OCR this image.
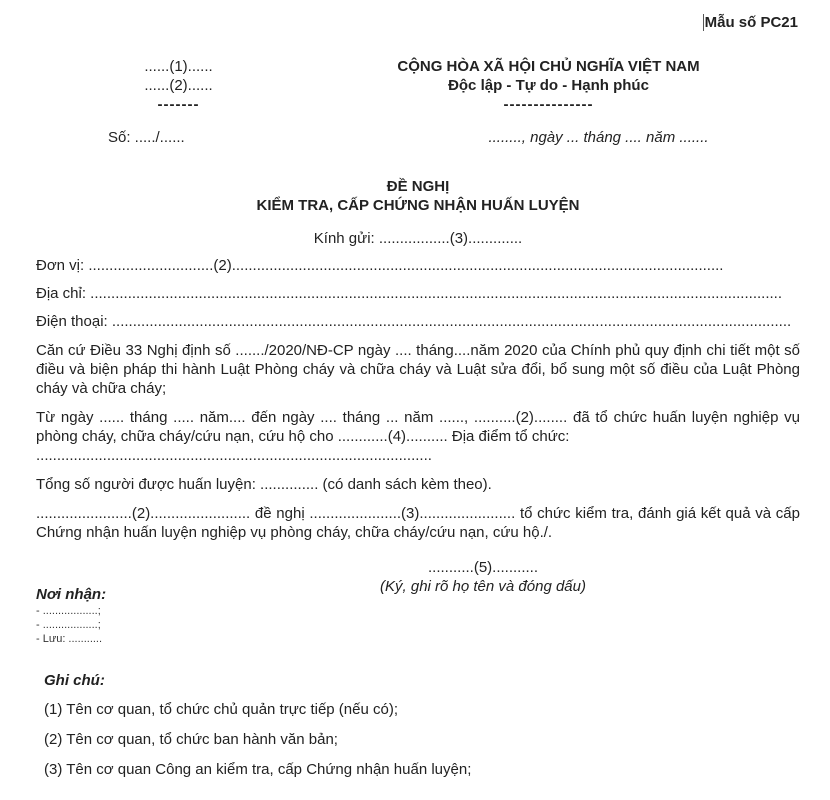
Mẫu số PC21
......(1)......
......(2)......
-------
Số: ...../......
CỘNG HÒA XÃ HỘI CHỦ NGHĨA VIỆT NAM
Độc lập - Tự do - Hạnh phúc
---------------
........, ngày ... tháng .... năm .......
ĐỀ NGHỊ
KIỂM TRA, CẤP CHỨNG NHẬN HUẤN LUYỆN
Kính gửi: .................(3).............
Đơn vị: ..............................(2)......................................................................................................................
Địa chỉ: ......................................................................................................................................................................
Điện thoại: ...................................................................................................................................................................
Căn cứ Điều 33 Nghị định số ......./2020/NĐ-CP ngày .... tháng....năm 2020 của Chính phủ quy định chi tiết một số điều và biện pháp thi hành Luật Phòng cháy và chữa cháy và Luật sửa đổi, bổ sung một số điều của Luật Phòng cháy và chữa cháy;
Từ ngày ...... tháng ..... năm.... đến ngày .... tháng ... năm ......, ..........(2)........ đã tổ chức huấn luyện nghiệp vụ phòng cháy, chữa cháy/cứu nạn, cứu hộ cho ............(4).......... Địa điểm tổ chức:
...............................................................................................
Tổng số người được huấn luyện: .............. (có danh sách kèm theo).
.......................(2)........................ đề nghị ......................(3)....................... tổ chức kiểm tra, đánh giá kết quả và cấp Chứng nhận huấn luyện nghiệp vụ phòng cháy, chữa cháy/cứu nạn, cứu hộ./.
Nơi nhận:
- ..................;
- ..................;
- Lưu: ...........
...........(5)...........
(Ký, ghi rõ họ tên và đóng dấu)
Ghi chú:
(1) Tên cơ quan, tổ chức chủ quản trực tiếp (nếu có);
(2) Tên cơ quan, tổ chức ban hành văn bản;
(3) Tên cơ quan Công an kiểm tra, cấp Chứng nhận huấn luyện;
